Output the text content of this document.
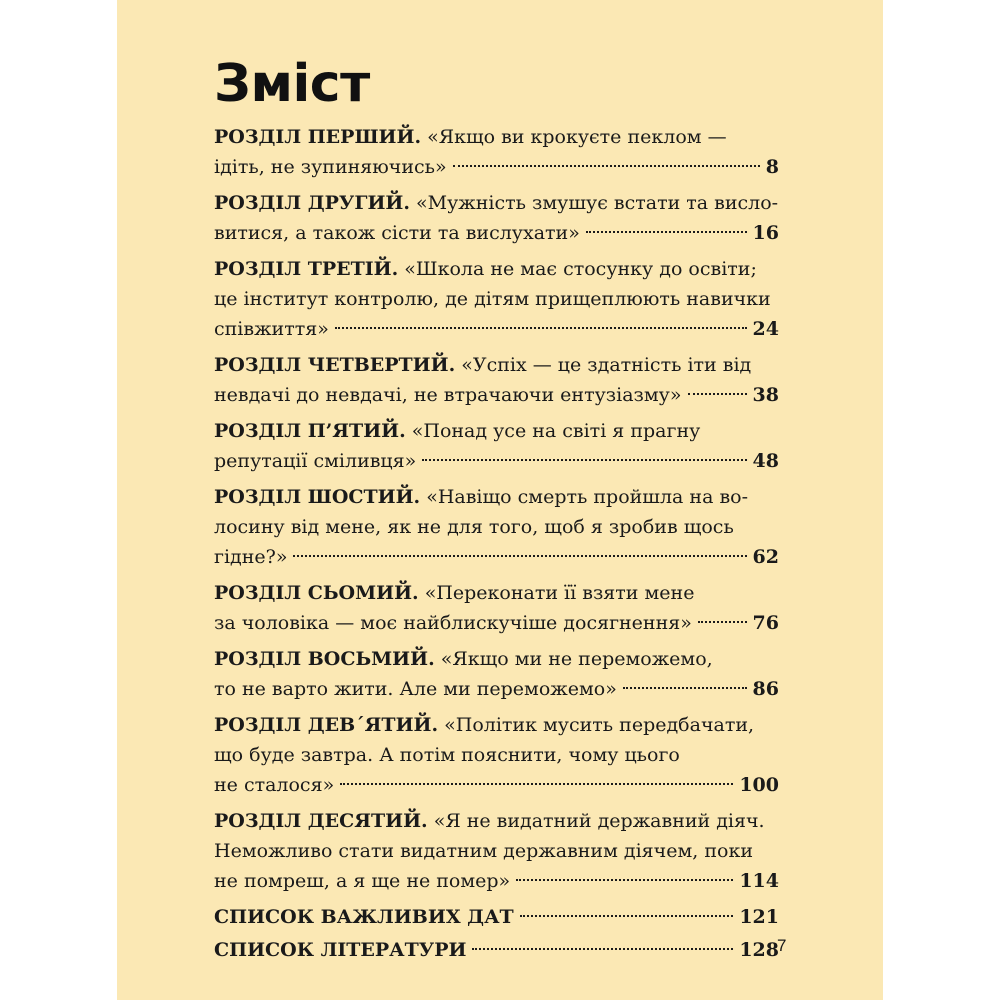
Зміст
РОЗДІЛ ПЕРШИЙ. «Якщо ви крокуєте пеклом —
ідіть, не зупиняючись»	8
РОЗДІЛ ДРУГИЙ. «Мужність змушує встати та висло-
витися, а також сісти та вислухати»	16
РОЗДІЛ ТРЕТІЙ. «Школа не має стосунку до освіти;
це інститут контролю, де дітям прищеплюють навички
співжиття»	24
РОЗДІЛ ЧЕТВЕРТИЙ. «Успіх — це здатність іти від
невдачі до невдачі, не втрачаючи ентузіазму»	38
РОЗДІЛ П’ЯТИЙ. «Понад усе на світі я прагну
репутації сміливця»	48
РОЗДІЛ ШОСТИЙ. «Навіщо смерть пройшла на во-
лосину від мене, як не для того, щоб я зробив щось
гідне?»	62
РОЗДІЛ СЬОМИЙ. «Переконати її взяти мене
за чоловіка — моє найблискучіше досягнення»	76
РОЗДІЛ ВОСЬМИЙ. «Якщо ми не переможемо,
то не варто жити. Але ми переможемо»	86
РОЗДІЛ ДЕВ´ЯТИЙ. «Політик мусить передбачати,
що буде завтра. А потім пояснити, чому цього
не сталося»	100
РОЗДІЛ ДЕСЯТИЙ. «Я не видатний державний діяч.
Неможливо стати видатним державним діячем, поки
не помреш, а я ще не помер»	114
СПИСОК ВАЖЛИВИХ ДАТ	121
СПИСОК ЛІТЕРАТУРИ	128
7
